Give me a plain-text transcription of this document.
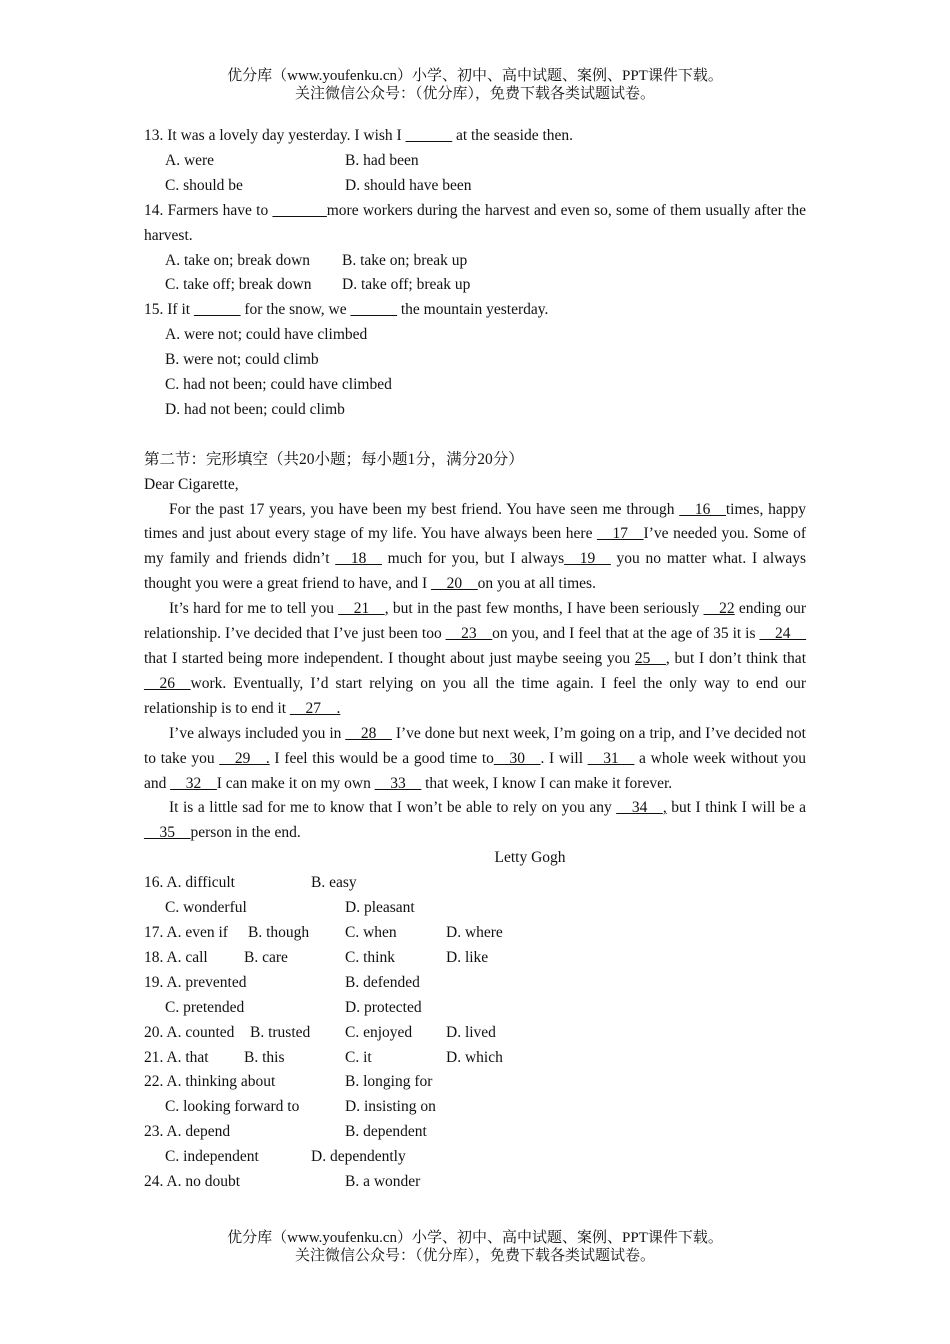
优分库（www.youfenku.cn）小学、初中、高中试题、案例、PPT课件下载。
关注微信公众号：（优分库），免费下载各类试题试卷。
13. It was a lovely day yesterday. I wish I ______ at the seaside then.
A. were	B. had been
C. should be	D. should have been
14. Farmers have to _______more workers during the harvest and even so, some of them usually after the harvest.
A. take on; break down B. take on; break up
C. take off; break down D. take off; break up
15. If it ______ for the snow, we ______ the mountain yesterday.
A. were not; could have climbed
B. were not; could climb
C. had not been; could have climbed
D. had not been; could climb
第二节：完形填空（共20小题；每小题1分，满分20分）
Dear Cigarette,
For the past 17 years, you have been my best friend. You have seen me through __16__times, happy times and just about every stage of my life. You have always been here __17__I’ve needed you. Some of my family and friends didn’t __18__ much for you, but I always__19__ you no matter what. I always thought you were a great friend to have, and I __20__on you at all times.
It’s hard for me to tell you __21__, but in the past few months, I have been seriously __22 ending our relationship. I’ve decided that I’ve just been too __23__on you, and I feel that at the age of 35 it is __24__ that I started being more independent. I thought about just maybe seeing you 25__, but I don’t think that __26__work. Eventually, I’d start relying on you all the time again. I feel the only way to end our relationship is to end it __27__.
I’ve always included you in __28__ I’ve done but next week, I’m going on a trip, and I’ve decided not to take you __29__. I feel this would be a good time to__30__. I will __31__ a whole week without you and __32__I can make it on my own __33__ that week, I know I can make it forever.
It is a little sad for me to know that I won’t be able to rely on you any __34__, but I think I will be a __35__person in the end.
Letty Gogh
16. A. difficult	B. easy
C. wonderful	D. pleasant
17. A. even if B. though C. when	D. where
18. A. call B. care	C. think	D. like
19. A. prevented	B. defended
C. pretended	D. protected
20. A. counted B. trusted C. enjoyed D. lived
21. A. that B. this	C. it	D. which
22. A. thinking about	B. longing for
C. looking forward to	D. insisting on
23. A. depend	B. dependent
C. independent	D. dependently
24. A. no doubt	B. a wonder
优分库（www.youfenku.cn）小学、初中、高中试题、案例、PPT课件下载。
关注微信公众号：（优分库），免费下载各类试题试卷。
